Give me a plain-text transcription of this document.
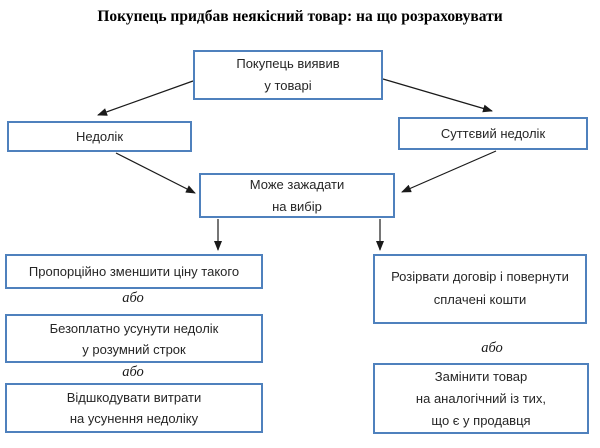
Покупець придбав неякісний товар: на що розраховувати
Покупець виявив
у товарі
Недолік	Суттєвий недолік
Може зажадати
на вибір
Пропорційно зменшити ціну такого
або
Безоплатно усунути недолік
у розумний строк
або
Відшкодувати витрати
на усунення недоліку
Розірвати договір і повернути
сплачені кошти
або
Замінити товар
на аналогічний із тих,
що є у продавця
